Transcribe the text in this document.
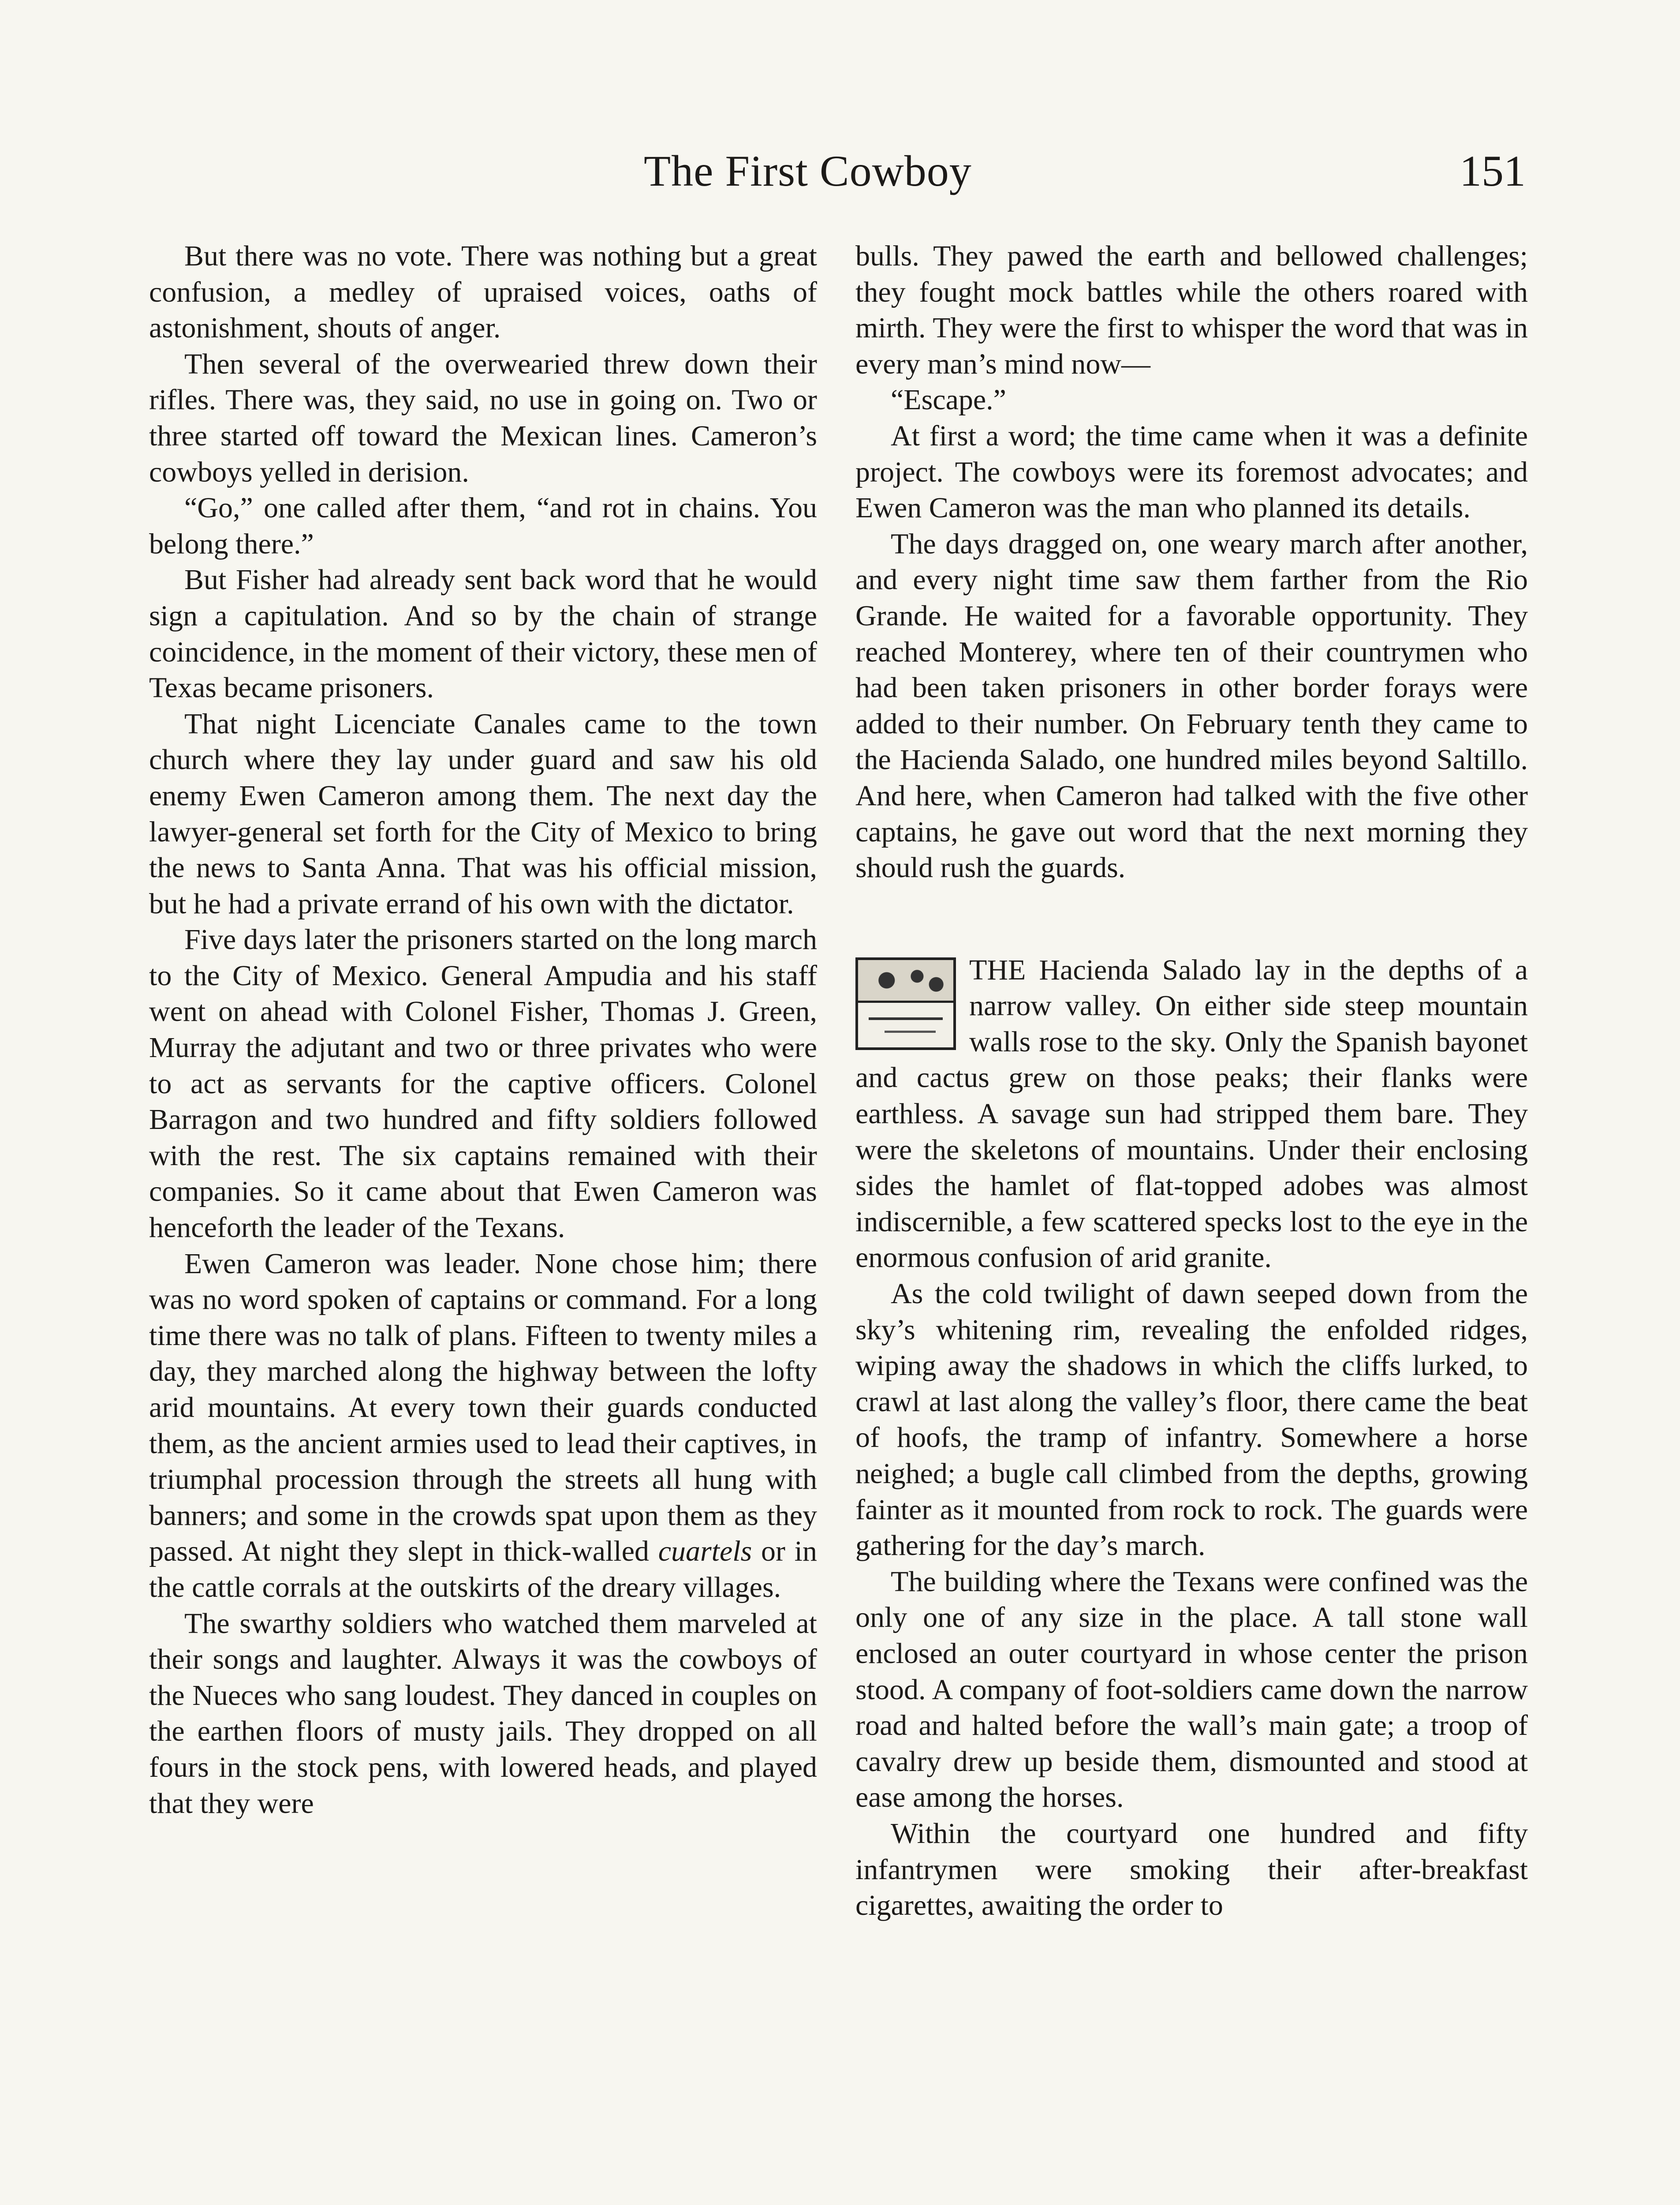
The First Cowboy	151

But there was no vote. There was nothing but a great confusion, a medley of upraised voices, oaths of astonishment, shouts of anger.

Then several of the overwearied threw down their rifles. There was, they said, no use in going on. Two or three started off toward the Mexican lines. Cameron’s cowboys yelled in derision.

“Go,” one called after them, “and rot in chains. You belong there.”

But Fisher had already sent back word that he would sign a capitulation. And so by the chain of strange coincidence, in the moment of their victory, these men of Texas became prisoners.

That night Licenciate Canales came to the town church where they lay under guard and saw his old enemy Ewen Cameron among them. The next day the lawyer-general set forth for the City of Mexico to bring the news to Santa Anna. That was his official mission, but he had a private errand of his own with the dictator.

Five days later the prisoners started on the long march to the City of Mexico. General Ampudia and his staff went on ahead with Colonel Fisher, Thomas J. Green, Murray the adjutant and two or three privates who were to act as servants for the captive officers. Colonel Barragon and two hundred and fifty soldiers followed with the rest. The six captains remained with their companies. So it came about that Ewen Cameron was henceforth the leader of the Texans.

Ewen Cameron was leader. None chose him; there was no word spoken of captains or command. For a long time there was no talk of plans. Fifteen to twenty miles a day, they marched along the highway between the lofty arid mountains. At every town their guards conducted them, as the ancient armies used to lead their captives, in triumphal procession through the streets all hung with banners; and some in the crowds spat upon them as they passed. At night they slept in thick-walled cuartels or in the cattle corrals at the outskirts of the dreary villages.

The swarthy soldiers who watched them marveled at their songs and laughter. Always it was the cowboys of the Nueces who sang loudest. They danced in couples on the earthen floors of musty jails. They dropped on all fours in the stock pens, with lowered heads, and played that they were

bulls. They pawed the earth and bellowed challenges; they fought mock battles while the others roared with mirth. They were the first to whisper the word that was in every man’s mind now—

“Escape.”

At first a word; the time came when it was a definite project. The cowboys were its foremost advocates; and Ewen Cameron was the man who planned its details.

The days dragged on, one weary march after another, and every night time saw them farther from the Rio Grande. He waited for a favorable opportunity. They reached Monterey, where ten of their countrymen who had been taken prisoners in other border forays were added to their number. On February tenth they came to the Hacienda Salado, one hundred miles beyond Saltillo. And here, when Cameron had talked with the five other captains, he gave out word that the next morning they should rush the guards.

THE Hacienda Salado lay in the depths of a narrow valley. On either side steep mountain walls rose to the sky. Only the Spanish bayonet and cactus grew on those peaks; their flanks were earthless. A savage sun had stripped them bare. They were the skeletons of mountains. Under their enclosing sides the hamlet of flat-topped adobes was almost indiscernible, a few scattered specks lost to the eye in the enormous confusion of arid granite.

As the cold twilight of dawn seeped down from the sky’s whitening rim, revealing the enfolded ridges, wiping away the shadows in which the cliffs lurked, to crawl at last along the valley’s floor, there came the beat of hoofs, the tramp of infantry. Somewhere a horse neighed; a bugle call climbed from the depths, growing fainter as it mounted from rock to rock. The guards were gathering for the day’s march.

The building where the Texans were confined was the only one of any size in the place. A tall stone wall enclosed an outer courtyard in whose center the prison stood. A company of foot-soldiers came down the narrow road and halted before the wall’s main gate; a troop of cavalry drew up beside them, dismounted and stood at ease among the horses.

Within the courtyard one hundred and fifty infantrymen were smoking their after-breakfast cigarettes, awaiting the order to
